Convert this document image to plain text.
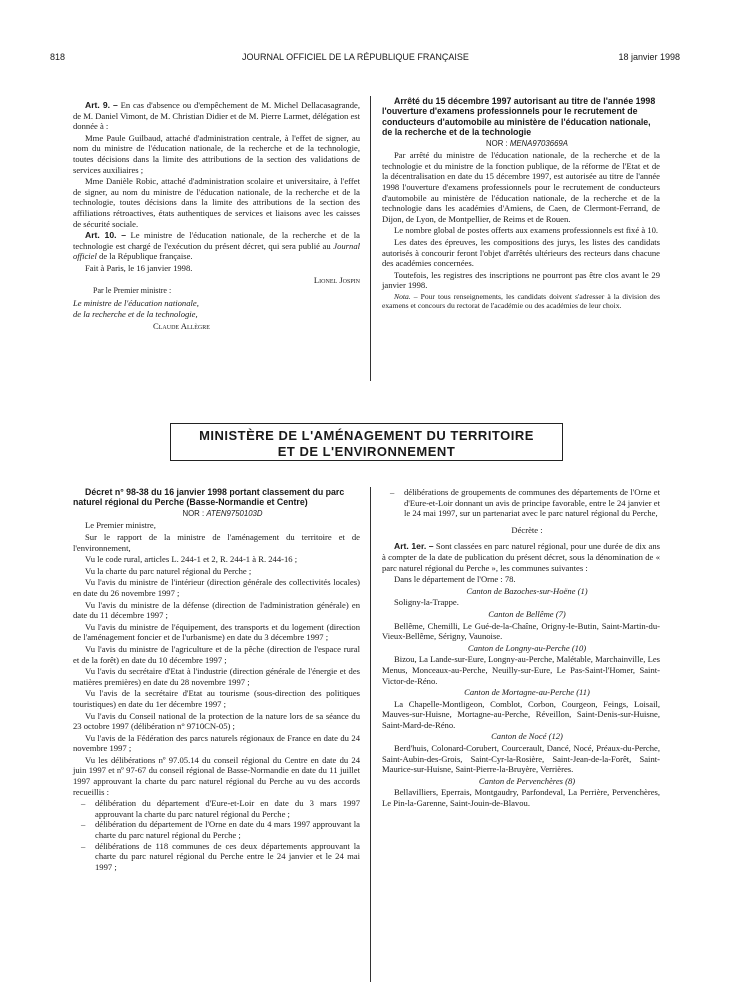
818	JOURNAL OFFICIEL DE LA RÉPUBLIQUE FRANÇAISE	18 janvier 1998

Art. 9. – En cas d'absence ou d'empêchement de M. Michel Dellacasagrande, de M. Daniel Vimont, de M. Christian Didier et de M. Pierre Larmet, délégation est donnée à :

Mme Paule Guilbaud, attaché d'administration centrale, à l'effet de signer, au nom du ministre de l'éducation nationale, de la recherche et de la technologie, toutes décisions dans la limite des attributions de la section des validations de services auxiliaires ;

Mme Danièle Robic, attaché d'administration scolaire et universitaire, à l'effet de signer, au nom du ministre de l'éducation nationale, de la recherche et de la technologie, toutes décisions dans la limite des attributions de la section des affiliations rétroactives, états authentiques de services et liaisons avec les caisses de sécurité sociale.

Art. 10. – Le ministre de l'éducation nationale, de la recherche et de la technologie est chargé de l'exécution du présent décret, qui sera publié au Journal officiel de la République française.

Fait à Paris, le 16 janvier 1998.

Lionel Jospin

Par le Premier ministre :

Le ministre de l'éducation nationale,

de la recherche et de la technologie,

Claude Allègre

Arrêté du 15 décembre 1997 autorisant au titre de l'année 1998 l'ouverture d'examens professionnels pour le recrutement de conducteurs d'automobile au ministère de l'éducation nationale, de la recherche et de la technologie

NOR : MENA9703669A

Par arrêté du ministre de l'éducation nationale, de la recherche et de la technologie et du ministre de la fonction publique, de la réforme de l'Etat et de la décentralisation en date du 15 décembre 1997, est autorisée au titre de l'année 1998 l'ouverture d'examens professionnels pour le recrutement de conducteurs d'automobile au ministère de l'éducation nationale, de la recherche et de la technologie dans les académies d'Amiens, de Caen, de Clermont-Ferrand, de Dijon, de Lyon, de Montpellier, de Reims et de Rouen.

Le nombre global de postes offerts aux examens professionnels est fixé à 10.

Les dates des épreuves, les compositions des jurys, les listes des candidats autorisés à concourir feront l'objet d'arrêtés ultérieurs des recteurs dans chacune des académies concernées.

Toutefois, les registres des inscriptions ne pourront pas être clos avant le 29 janvier 1998.

Nota. – Pour tous renseignements, les candidats doivent s'adresser à la division des examens et concours du rectorat de l'académie ou des académies de leur choix.

MINISTÈRE DE L'AMÉNAGEMENT DU TERRITOIRE
ET DE L'ENVIRONNEMENT

Décret n° 98-38 du 16 janvier 1998 portant classement du parc naturel régional du Perche (Basse-Normandie et Centre)

NOR : ATEN9750103D

Le Premier ministre,

Sur le rapport de la ministre de l'aménagement du territoire et de l'environnement,

Vu le code rural, articles L. 244-1 et 2, R. 244-1 à R. 244-16 ;

Vu la charte du parc naturel régional du Perche ;

Vu l'avis du ministre de l'intérieur (direction générale des collectivités locales) en date du 26 novembre 1997 ;

Vu l'avis du ministre de la défense (direction de l'administration générale) en date du 11 décembre 1997 ;

Vu l'avis du ministre de l'équipement, des transports et du logement (direction de l'aménagement foncier et de l'urbanisme) en date du 3 décembre 1997 ;

Vu l'avis du ministre de l'agriculture et de la pêche (direction de l'espace rural et de la forêt) en date du 10 décembre 1997 ;

Vu l'avis du secrétaire d'Etat à l'industrie (direction générale de l'énergie et des matières premières) en date du 28 novembre 1997 ;

Vu l'avis de la secrétaire d'Etat au tourisme (sous-direction des politiques touristiques) en date du 1er décembre 1997 ;

Vu l'avis du Conseil national de la protection de la nature lors de sa séance du 23 octobre 1997 (délibération n° 9710CN-05) ;

Vu l'avis de la Fédération des parcs naturels régionaux de France en date du 24 novembre 1997 ;

Vu les délibérations nº 97.05.14 du conseil régional du Centre en date du 24 juin 1997 et nº 97-67 du conseil régional de Basse-Normandie en date du 11 juillet 1997 approuvant la charte du parc naturel régional du Perche au vu des accords recueillis :

– délibération du département d'Eure-et-Loir en date du 3 mars 1997 approuvant la charte du parc naturel régional du Perche ;
– délibération du département de l'Orne en date du 4 mars 1997 approuvant la charte du parc naturel régional du Perche ;
– délibérations de 118 communes de ces deux départements approuvant la charte du parc naturel régional du Perche entre le 24 janvier et le 24 mai 1997 ;
– délibérations de groupements de communes des départements de l'Orne et d'Eure-et-Loir donnant un avis de principe favorable, entre le 24 janvier et le 24 mai 1997, sur un partenariat avec le parc naturel régional du Perche,

Décrète :

Art. 1er. – Sont classées en parc naturel régional, pour une durée de dix ans à compter de la date de publication du présent décret, sous la dénomination de « parc naturel régional du Perche », les communes suivantes :

Dans le département de l'Orne : 78.

Canton de Bazoches-sur-Hoëne (1)

Soligny-la-Trappe.

Canton de Bellême (7)

Bellême, Chemilli, Le Gué-de-la-Chaîne, Origny-le-Butin, Saint-Martin-du-Vieux-Bellême, Sérigny, Vaunoise.

Canton de Longny-au-Perche (10)

Bizou, La Lande-sur-Eure, Longny-au-Perche, Malétable, Marchainville, Les Menus, Monceaux-au-Perche, Neuilly-sur-Eure, Le Pas-Saint-l'Homer, Saint-Victor-de-Réno.

Canton de Mortagne-au-Perche (11)

La Chapelle-Montligeon, Comblot, Corbon, Courgeon, Feings, Loisail, Mauves-sur-Huisne, Mortagne-au-Perche, Réveillon, Saint-Denis-sur-Huisne, Saint-Mard-de-Réno.

Canton de Nocé (12)

Berd'huis, Colonard-Corubert, Courcerault, Dancé, Nocé, Préaux-du-Perche, Saint-Aubin-des-Grois, Saint-Cyr-la-Rosière, Saint-Jean-de-la-Forêt, Saint-Maurice-sur-Huisne, Saint-Pierre-la-Bruyère, Verrières.

Canton de Pervenchères (8)

Bellavilliers, Eperrais, Montgaudry, Parfondeval, La Perrière, Pervenchères, Le Pin-la-Garenne, Saint-Jouin-de-Blavou.
